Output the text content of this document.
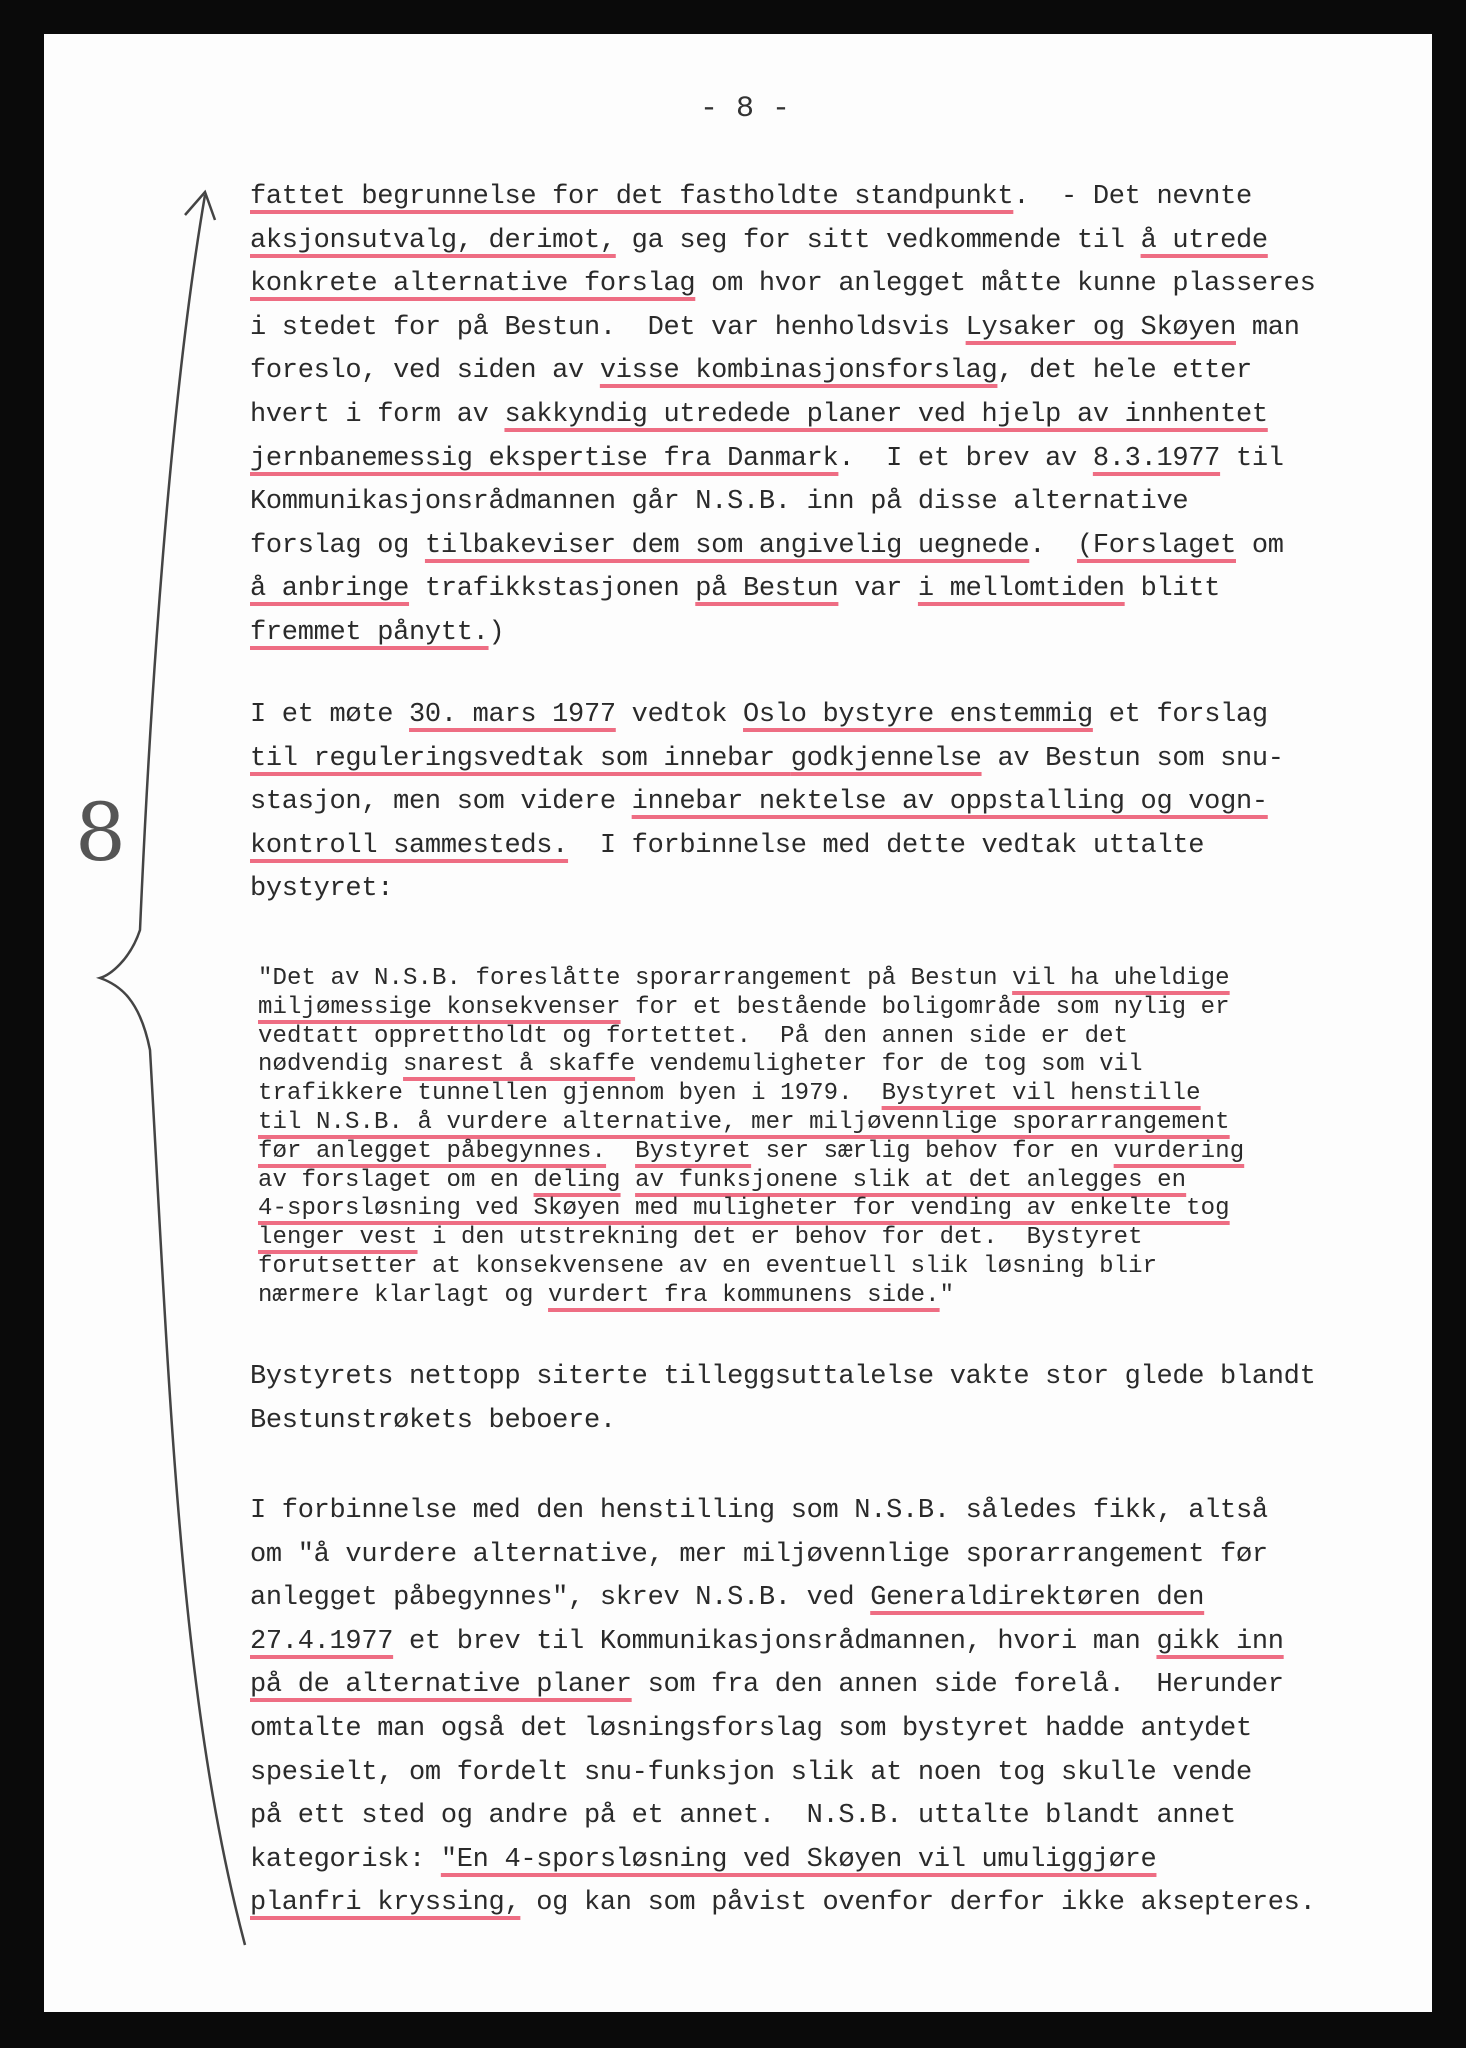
- 8 -
8
fattet begrunnelse for det fastholdte standpunkt.  - Det nevnte
aksjonsutvalg, derimot, ga seg for sitt vedkommende til å utrede
konkrete alternative forslag om hvor anlegget måtte kunne plasseres
i stedet for på Bestun.  Det var henholdsvis Lysaker og Skøyen man
foreslo, ved siden av visse kombinasjonsforslag, det hele etter
hvert i form av sakkyndig utredede planer ved hjelp av innhentet
jernbanemessig ekspertise fra Danmark.  I et brev av 8.3.1977 til
Kommunikasjonsrådmannen går N.S.B. inn på disse alternative
forslag og tilbakeviser dem som angivelig uegnede.  (Forslaget om
å anbringe trafikkstasjonen på Bestun var i mellomtiden blitt
fremmet pånytt.)
I et møte 30. mars 1977 vedtok Oslo bystyre enstemmig et forslag
til reguleringsvedtak som innebar godkjennelse av Bestun som snu-
stasjon, men som videre innebar nektelse av oppstalling og vogn-
kontroll sammesteds.  I forbinnelse med dette vedtak uttalte
bystyret:
"Det av N.S.B. foreslåtte sporarrangement på Bestun vil ha uheldige
miljømessige konsekvenser for et bestående boligområde som nylig er
vedtatt opprettholdt og fortettet.  På den annen side er det
nødvendig snarest å skaffe vendemuligheter for de tog som vil
trafikkere tunnellen gjennom byen i 1979.  Bystyret vil henstille
til N.S.B. å vurdere alternative, mer miljøvennlige sporarrangement
før anlegget påbegynnes. Bystyret ser særlig behov for en vurdering
av forslaget om en deling av funksjonene slik at det anlegges en
4-sporsløsning ved Skøyen med muligheter for vending av enkelte tog
lenger vest i den utstrekning det er behov for det.  Bystyret
forutsetter at konsekvensene av en eventuell slik løsning blir
nærmere klarlagt og vurdert fra kommunens side."
Bystyrets nettopp siterte tilleggsuttalelse vakte stor glede blandt
Bestunstrøkets beboere.
I forbinnelse med den henstilling som N.S.B. således fikk, altså
om "å vurdere alternative, mer miljøvennlige sporarrangement før
anlegget påbegynnes", skrev N.S.B. ved Generaldirektøren den
27.4.1977 et brev til Kommunikasjonsrådmannen, hvori man gikk inn
på de alternative planer som fra den annen side forelå.  Herunder
omtalte man også det løsningsforslag som bystyret hadde antydet
spesielt, om fordelt snu-funksjon slik at noen tog skulle vende
på ett sted og andre på et annet.  N.S.B. uttalte blandt annet
kategorisk: "En 4-sporsløsning ved Skøyen vil umuliggjøre
planfri kryssing, og kan som påvist ovenfor derfor ikke aksepteres.
